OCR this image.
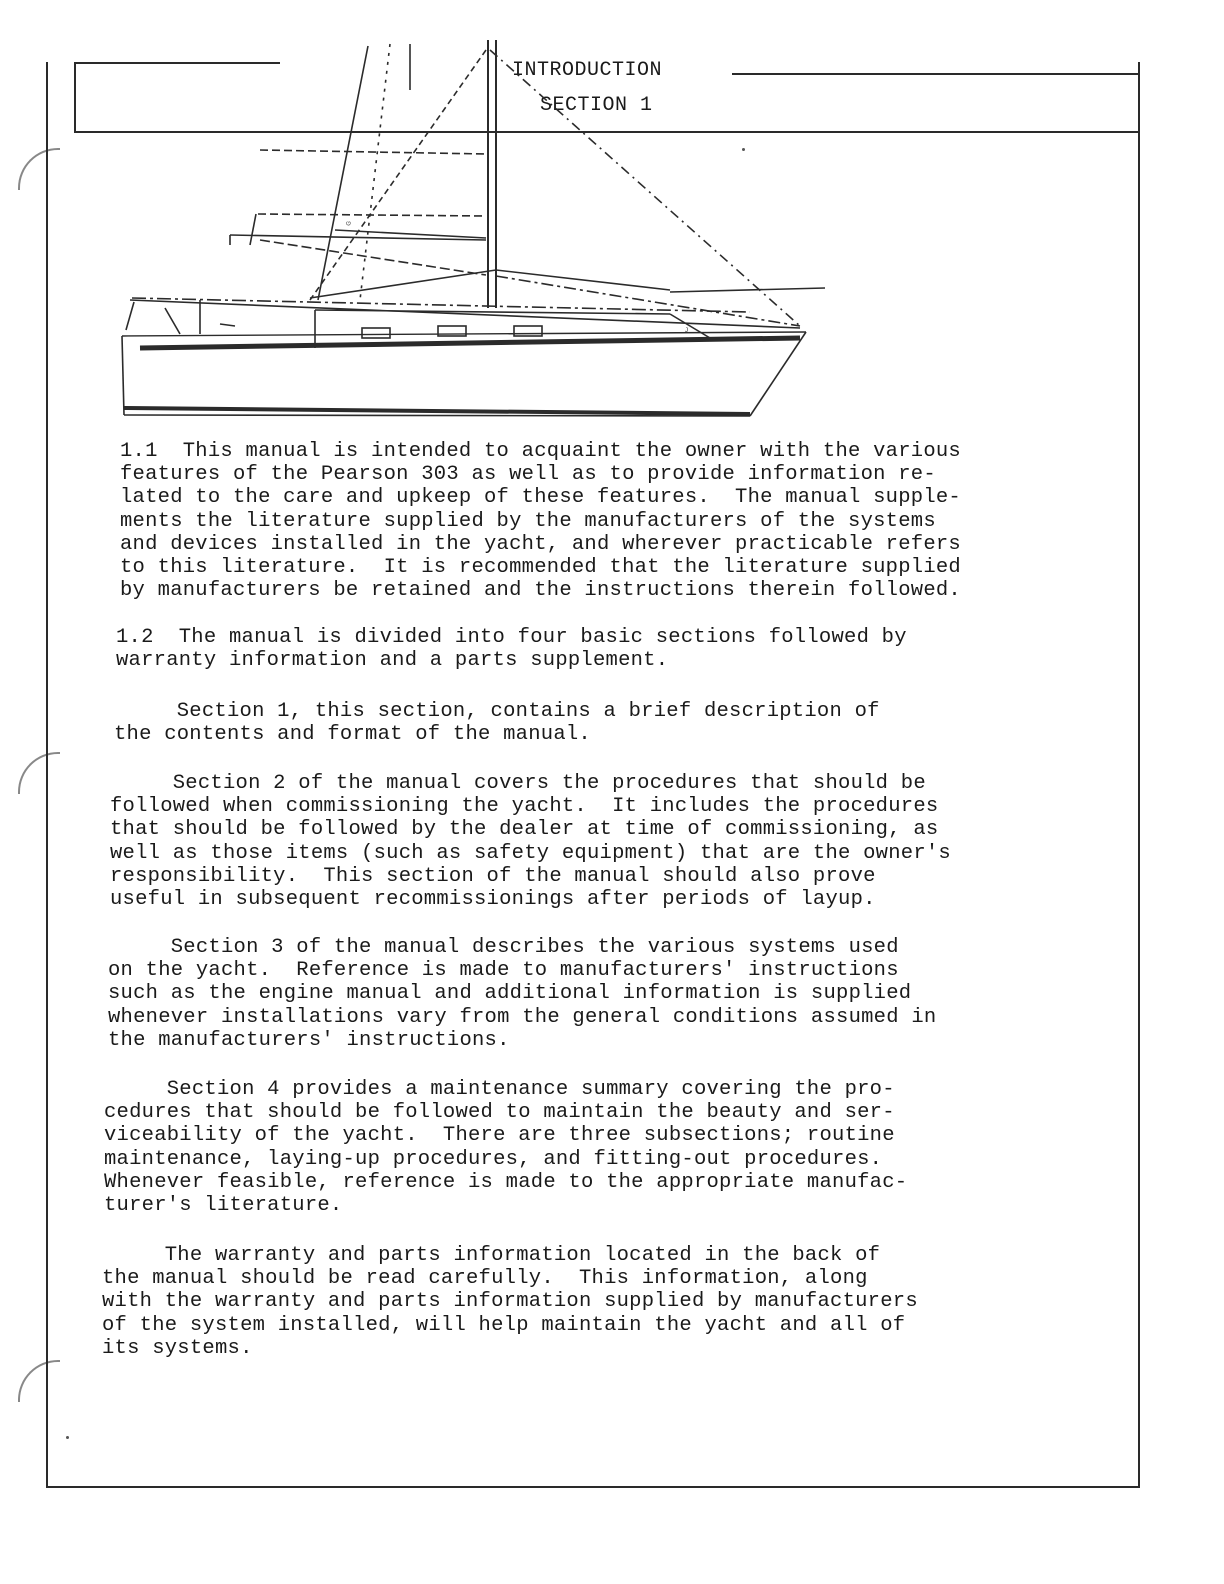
INTRODUCTION
SECTION 1
G
J

1.1  This manual is intended to acquaint the owner with the various

features of the Pearson 303 as well as to provide information re-

lated to the care and upkeep of these features.  The manual supple-

ments the literature supplied by the manufacturers of the systems

and devices installed in the yacht, and wherever practicable refers

to this literature.  It is recommended that the literature supplied

by manufacturers be retained and the instructions therein followed.

1.2  The manual is divided into four basic sections followed by

warranty information and a parts supplement.

Section 1, this section, contains a brief description of

the contents and format of the manual.

Section 2 of the manual covers the procedures that should be

followed when commissioning the yacht.  It includes the procedures

that should be followed by the dealer at time of commissioning, as

well as those items (such as safety equipment) that are the owner's

responsibility.  This section of the manual should also prove

useful in subsequent recommissionings after periods of layup.

Section 3 of the manual describes the various systems used

on the yacht.  Reference is made to manufacturers' instructions

such as the engine manual and additional information is supplied

whenever installations vary from the general conditions assumed in

the manufacturers' instructions.

Section 4 provides a maintenance summary covering the pro-

cedures that should be followed to maintain the beauty and ser-

viceability of the yacht.  There are three subsections; routine

maintenance, laying-up procedures, and fitting-out procedures.

Whenever feasible, reference is made to the appropriate manufac-

turer's literature.

The warranty and parts information located in the back of

the manual should be read carefully.  This information, along

with the warranty and parts information supplied by manufacturers

of the system installed, will help maintain the yacht and all of

its systems.
